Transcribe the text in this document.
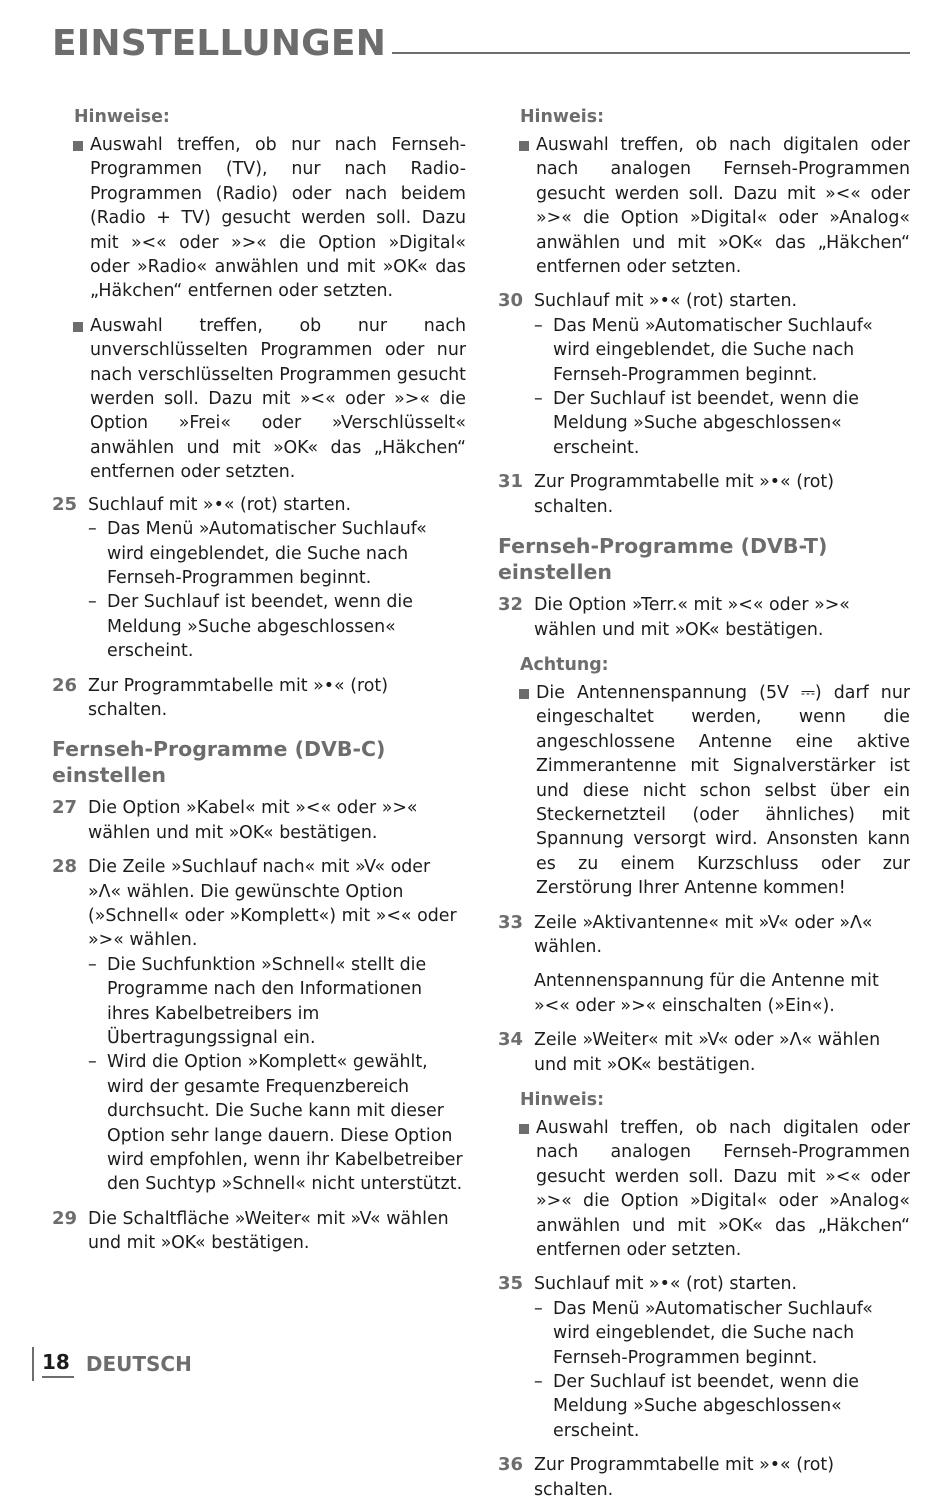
EINSTELLUNGEN

Hinweise:

Auswahl treffen, ob nur nach Fernseh-Programmen (TV), nur nach Radio- Programmen (Radio) oder nach beidem (Radio + TV) gesucht werden soll. Dazu mit »<« oder »>« die Option »Digital« oder »Radio« anwählen und mit »OK« das „Häkchen“ entfernen oder setzten.
Auswahl treffen, ob nur nach unverschlüsselten Programmen oder nur nach verschlüsselten Programmen gesucht werden soll. Dazu mit »<« oder »>« die Option »Frei« oder »Verschlüsselt« anwählen und mit »OK« das „Häkchen“ entfernen oder setzten.
25 Suchlauf mit »•« (rot) starten.
– Das Menü »Automatischer Suchlauf« wird eingeblendet, die Suche nach Fernseh-Programmen beginnt.
– Der Suchlauf ist beendet, wenn die Meldung »Suche abgeschlossen« erscheint.
26 Zur Programmtabelle mit »•« (rot) schalten.
Fernseh-Programme (DVB-C) einstellen
27 Die Option »Kabel« mit »<« oder »>« wählen und mit »OK« bestätigen.
28 Die Zeile »Suchlauf nach« mit »V« oder »Λ« wählen. Die gewünschte Option (»Schnell« oder »Komplett«) mit »<« oder »>« wählen.
– Die Suchfunktion »Schnell« stellt die Programme nach den Informationen ihres Kabelbetreibers im Übertragungssignal ein.
– Wird die Option »Komplett« gewählt, wird der gesamte Frequenzbereich durchsucht. Die Suche kann mit dieser Option sehr lange dauern. Diese Option wird empfohlen, wenn ihr Kabelbetreiber den Suchtyp »Schnell« nicht unterstützt.
29 Die Schaltfläche »Weiter« mit »V« wählen und mit »OK« bestätigen.

Hinweis:

Auswahl treffen, ob nach digitalen oder nach analogen Fernseh-Programmen gesucht werden soll. Dazu mit »<« oder »>« die Option »Digital« oder »Analog« anwählen und mit »OK« das „Häkchen“ entfernen oder setzten.
30 Suchlauf mit »•« (rot) starten.
– Das Menü »Automatischer Suchlauf« wird eingeblendet, die Suche nach Fernseh-Programmen beginnt.
– Der Suchlauf ist beendet, wenn die Meldung »Suche abgeschlossen« erscheint.
31 Zur Programmtabelle mit »•« (rot) schalten.
Fernseh-Programme (DVB-T) einstellen
32 Die Option »Terr.« mit »<« oder »>« wählen und mit »OK« bestätigen.

Achtung:

Die Antennenspannung (5V ⎓) darf nur eingeschaltet werden, wenn die angeschlossene Antenne eine aktive Zimmerantenne mit Signalverstärker ist und diese nicht schon selbst über ein Steckernetzteil (oder ähnliches) mit Spannung versorgt wird. Ansonsten kann es zu einem Kurzschluss oder zur Zerstörung Ihrer Antenne kommen!
33 Zeile »Aktivantenne« mit »V« oder »Λ« wählen.
Antennenspannung für die Antenne mit »<« oder »>« einschalten (»Ein«).
34 Zeile »Weiter« mit »V« oder »Λ« wählen und mit »OK« bestätigen.

Hinweis:

Auswahl treffen, ob nach digitalen oder nach analogen Fernseh-Programmen gesucht werden soll. Dazu mit »<« oder »>« die Option »Digital« oder »Analog« anwählen und mit »OK« das „Häkchen“ entfernen oder setzten.
35 Suchlauf mit »•« (rot) starten.
– Das Menü »Automatischer Suchlauf« wird eingeblendet, die Suche nach Fernseh-Programmen beginnt.
– Der Suchlauf ist beendet, wenn die Meldung »Suche abgeschlossen« erscheint.
36 Zur Programmtabelle mit »•« (rot) schalten.
18 DEUTSCH
